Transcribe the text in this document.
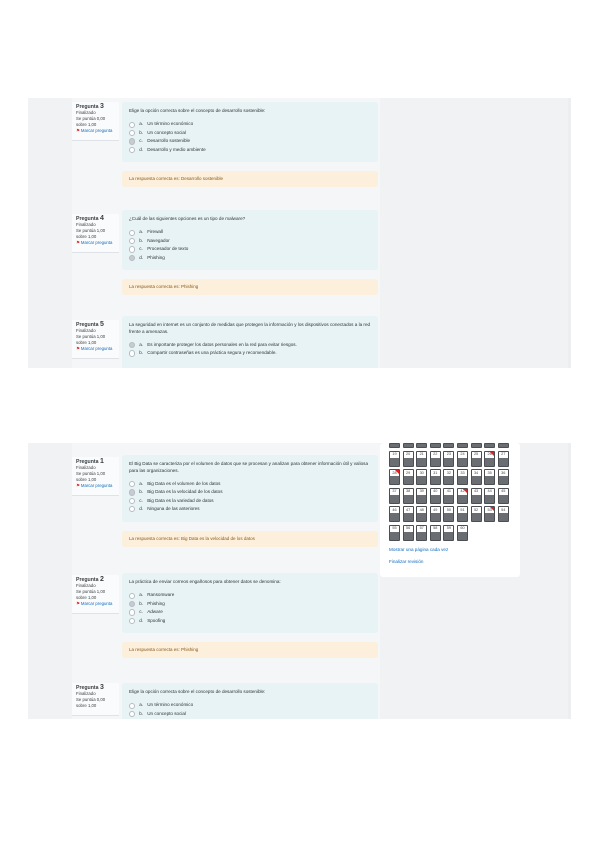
Pregunta 3
Finalizado
Se puntúa 0,00 sobre 1,00
⚑ Marcar pregunta
Elige la opción correcta sobre el concepto de desarrollo sostenible:
a. Un término económico
b. Un concepto social
c. Desarrollo sostenible
d. Desarrollo y medio ambiente
La respuesta correcta es: Desarrollo sostenible
Pregunta 4
Finalizado
Se puntúa 1,00 sobre 1,00
⚑ Marcar pregunta
¿Cuál de las siguientes opciones es un tipo de malware?
a. Firewall
b. Navegador
c. Procesador de texto
d. Phishing
La respuesta correcta es: Phishing
Pregunta 5
Finalizado
Se puntúa 1,00 sobre 1,00
⚑ Marcar pregunta
La seguridad en internet es un conjunto de medidas que protegen la información y los dispositivos conectados a la red frente a amenazas.
a. Es importante proteger los datos personales en la red para evitar riesgos.
b. Compartir contraseñas es una práctica segura y recomendable.
19	20	21	22	23	24	25	26	27
28	29	30	31	32	33	34	35	36
37	38	39	40	41	42	43	44	45
46	47	48	49	50	51	52	53	54
55	56	57	58	59	60
Mostrar una página cada vez
Finalizar revisión
Pregunta 1
Finalizado
Se puntúa 1,00 sobre 1,00
⚑ Marcar pregunta
El Big Data se caracteriza por el volumen de datos que se procesan y analizan para obtener información útil y valiosa para las organizaciones.
a. Big Data es el volumen de los datos
b. Big Data es la velocidad de los datos
c. Big Data es la variedad de datos
d. Ninguna de las anteriores
La respuesta correcta es: Big Data es la velocidad de los datos
Pregunta 2
Finalizado
Se puntúa 1,00 sobre 1,00
⚑ Marcar pregunta
La práctica de enviar correos engañosos para obtener datos se denomina:
a. Ransomware
b. Phishing
c. Adware
d. Spoofing
La respuesta correcta es: Phishing
Pregunta 3
Finalizado
Se puntúa 0,00 sobre 1,00
Elige la opción correcta sobre el concepto de desarrollo sostenible:
a. Un término económico
b. Un concepto social
